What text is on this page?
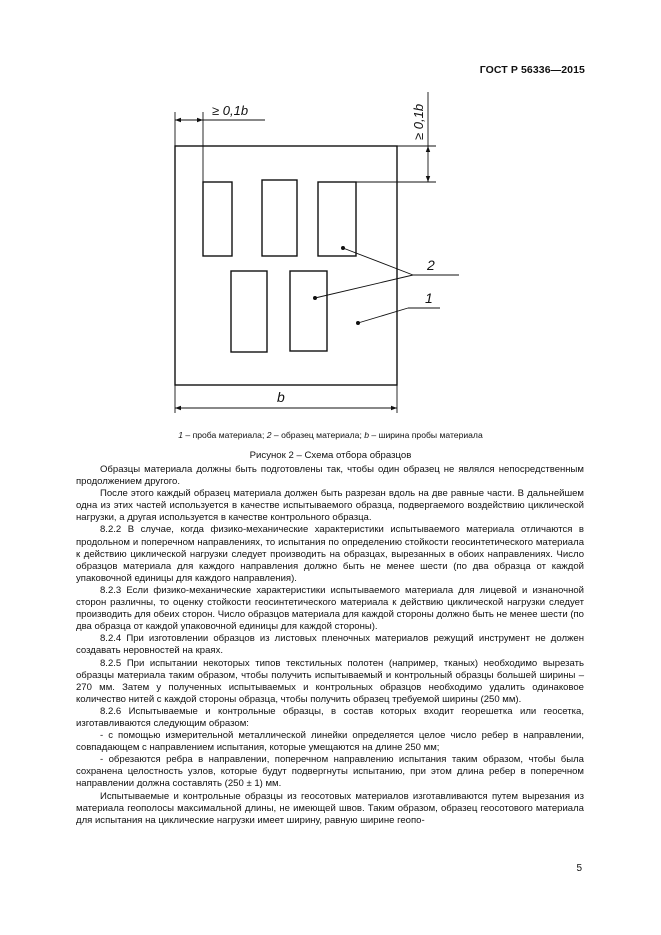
ГОСТ Р 56336—2015
≥ 0,1b	≥ 0,1b
b
2
1
1 – проба материала; 2 – образец материала; b – ширина пробы материала
Рисунок 2 – Схема отбора образцов

Образцы материала должны быть подготовлены так, чтобы один образец не являлся непосредственным продолжением другого.

После этого каждый образец материала должен быть разрезан вдоль на две равные части. В дальнейшем одна из этих частей используется в качестве испытываемого образца, подвергаемого воздействию циклической нагрузки, а другая используется в качестве контрольного образца.

8.2.2 В случае, когда физико-механические характеристики испытываемого материала отличаются в продольном и поперечном направлениях, то испытания по определению стойкости геосинтетического материала к действию циклической нагрузки следует производить на образцах, вырезанных в обоих направлениях. Число образцов материала для каждого направления должно быть не менее шести (по два образца от каждой упаковочной единицы для каждого направления).

8.2.3 Если физико-механические характеристики испытываемого материала для лицевой и изнаночной сторон различны, то оценку стойкости геосинтетического материала к действию циклической нагрузки следует производить для обеих сторон. Число образцов материала для каждой стороны должно быть не менее шести (по два образца от каждой упаковочной единицы для каждой стороны).

8.2.4 При изготовлении образцов из листовых пленочных материалов режущий инструмент не должен создавать неровностей на краях.

8.2.5 При испытании некоторых типов текстильных полотен (например, тканых) необходимо вырезать образцы материала таким образом, чтобы получить испытываемый и контрольный образцы большей ширины – 270 мм. Затем у полученных испытываемых и контрольных образцов необходимо удалить одинаковое количество нитей с каждой стороны образца, чтобы получить образец требуемой ширины (250 мм).

8.2.6 Испытываемые и контрольные образцы, в состав которых входит георешетка или геосетка, изготавливаются следующим образом:

- с помощью измерительной металлической линейки определяется целое число ребер в направлении, совпадающем с направлением испытания, которые умещаются на длине 250 мм;

- обрезаются ребра в направлении, поперечном направлению испытания таким образом, чтобы была сохранена целостность узлов, которые будут подвергнуты испытанию, при этом длина ребер в поперечном направлении должна составлять (250 ± 1) мм.

Испытываемые и контрольные образцы из геосотовых материалов изготавливаются путем вырезания из материала геополосы максимальной длины, не имеющей швов. Таким образом, образец геосотового материала для испытания на циклические нагрузки имеет ширину, равную ширине геопо-

5
